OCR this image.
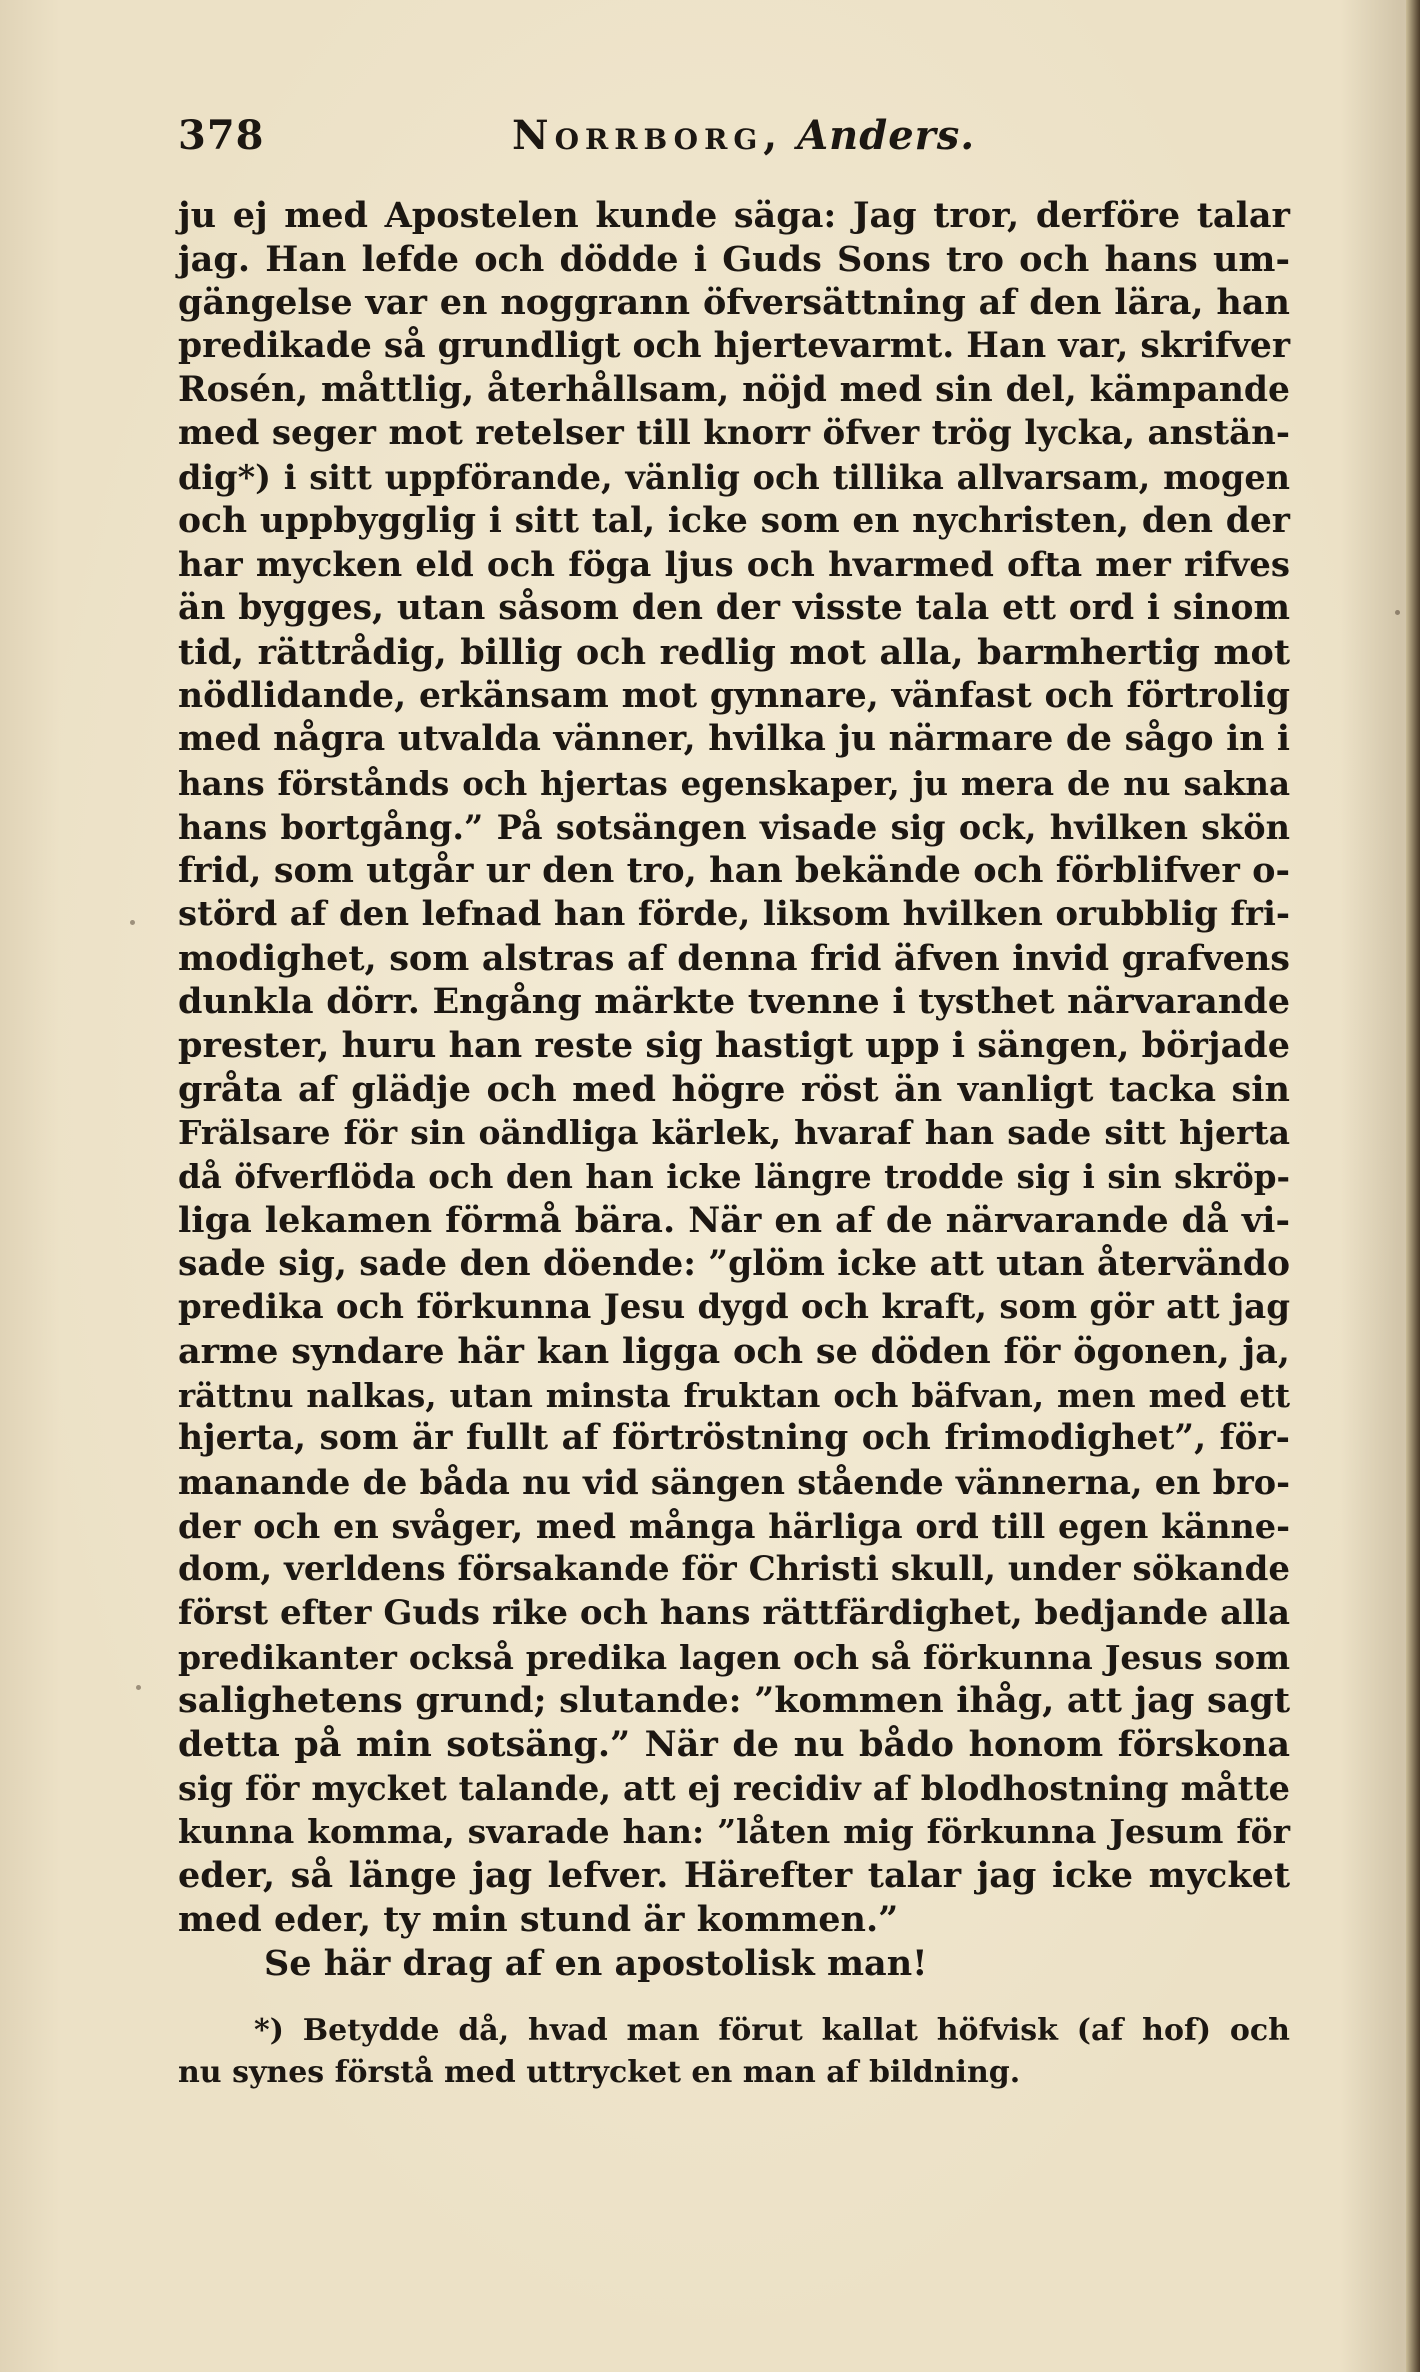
378	Norrborg, Anders.
ju ej med Apostelen kunde säga: Jag tror, derföre talar
jag. Han lefde och dödde i Guds Sons tro och hans um-
gängelse var en noggrann öfversättning af den lära, han
predikade så grundligt och hjertevarmt. Han var, skrifver
Rosén, måttlig, återhållsam, nöjd med sin del, kämpande
med seger mot retelser till knorr öfver trög lycka, anstän-
dig*) i sitt uppförande, vänlig och tillika allvarsam, mogen
och uppbygglig i sitt tal, icke som en nychristen, den der
har mycken eld och föga ljus och hvarmed ofta mer rifves
än bygges, utan såsom den der visste tala ett ord i sinom
tid, rättrådig, billig och redlig mot alla, barmhertig mot
nödlidande, erkänsam mot gynnare, vänfast och förtrolig
med några utvalda vänner, hvilka ju närmare de sågo in i
hans förstånds och hjertas egenskaper, ju mera de nu sakna
hans bortgång.” På sotsängen visade sig ock, hvilken skön
frid, som utgår ur den tro, han bekände och förblifver o-
störd af den lefnad han förde, liksom hvilken orubblig fri-
modighet, som alstras af denna frid äfven invid grafvens
dunkla dörr. Engång märkte tvenne i tysthet närvarande
prester, huru han reste sig hastigt upp i sängen, började
gråta af glädje och med högre röst än vanligt tacka sin
Frälsare för sin oändliga kärlek, hvaraf han sade sitt hjerta
då öfverflöda och den han icke längre trodde sig i sin skröp-
liga lekamen förmå bära. När en af de närvarande då vi-
sade sig, sade den döende: ”glöm icke att utan återvändo
predika och förkunna Jesu dygd och kraft, som gör att jag
arme syndare här kan ligga och se döden för ögonen, ja,
rättnu nalkas, utan minsta fruktan och bäfvan, men med ett
hjerta, som är fullt af förtröstning och frimodighet”, för-
manande de båda nu vid sängen stående vännerna, en bro-
der och en svåger, med många härliga ord till egen känne-
dom, verldens försakande för Christi skull, under sökande
först efter Guds rike och hans rättfärdighet, bedjande alla
predikanter också predika lagen och så förkunna Jesus som
salighetens grund; slutande: ”kommen ihåg, att jag sagt
detta på min sotsäng.” När de nu bådo honom förskona
sig för mycket talande, att ej recidiv af blodhostning måtte
kunna komma, svarade han: ”låten mig förkunna Jesum för
eder, så länge jag lefver. Härefter talar jag icke mycket
med eder, ty min stund är kommen.”
Se här drag af en apostolisk man!
*) Betydde då, hvad man förut kallat höfvisk (af hof) och
nu synes förstå med uttrycket en man af bildning.
